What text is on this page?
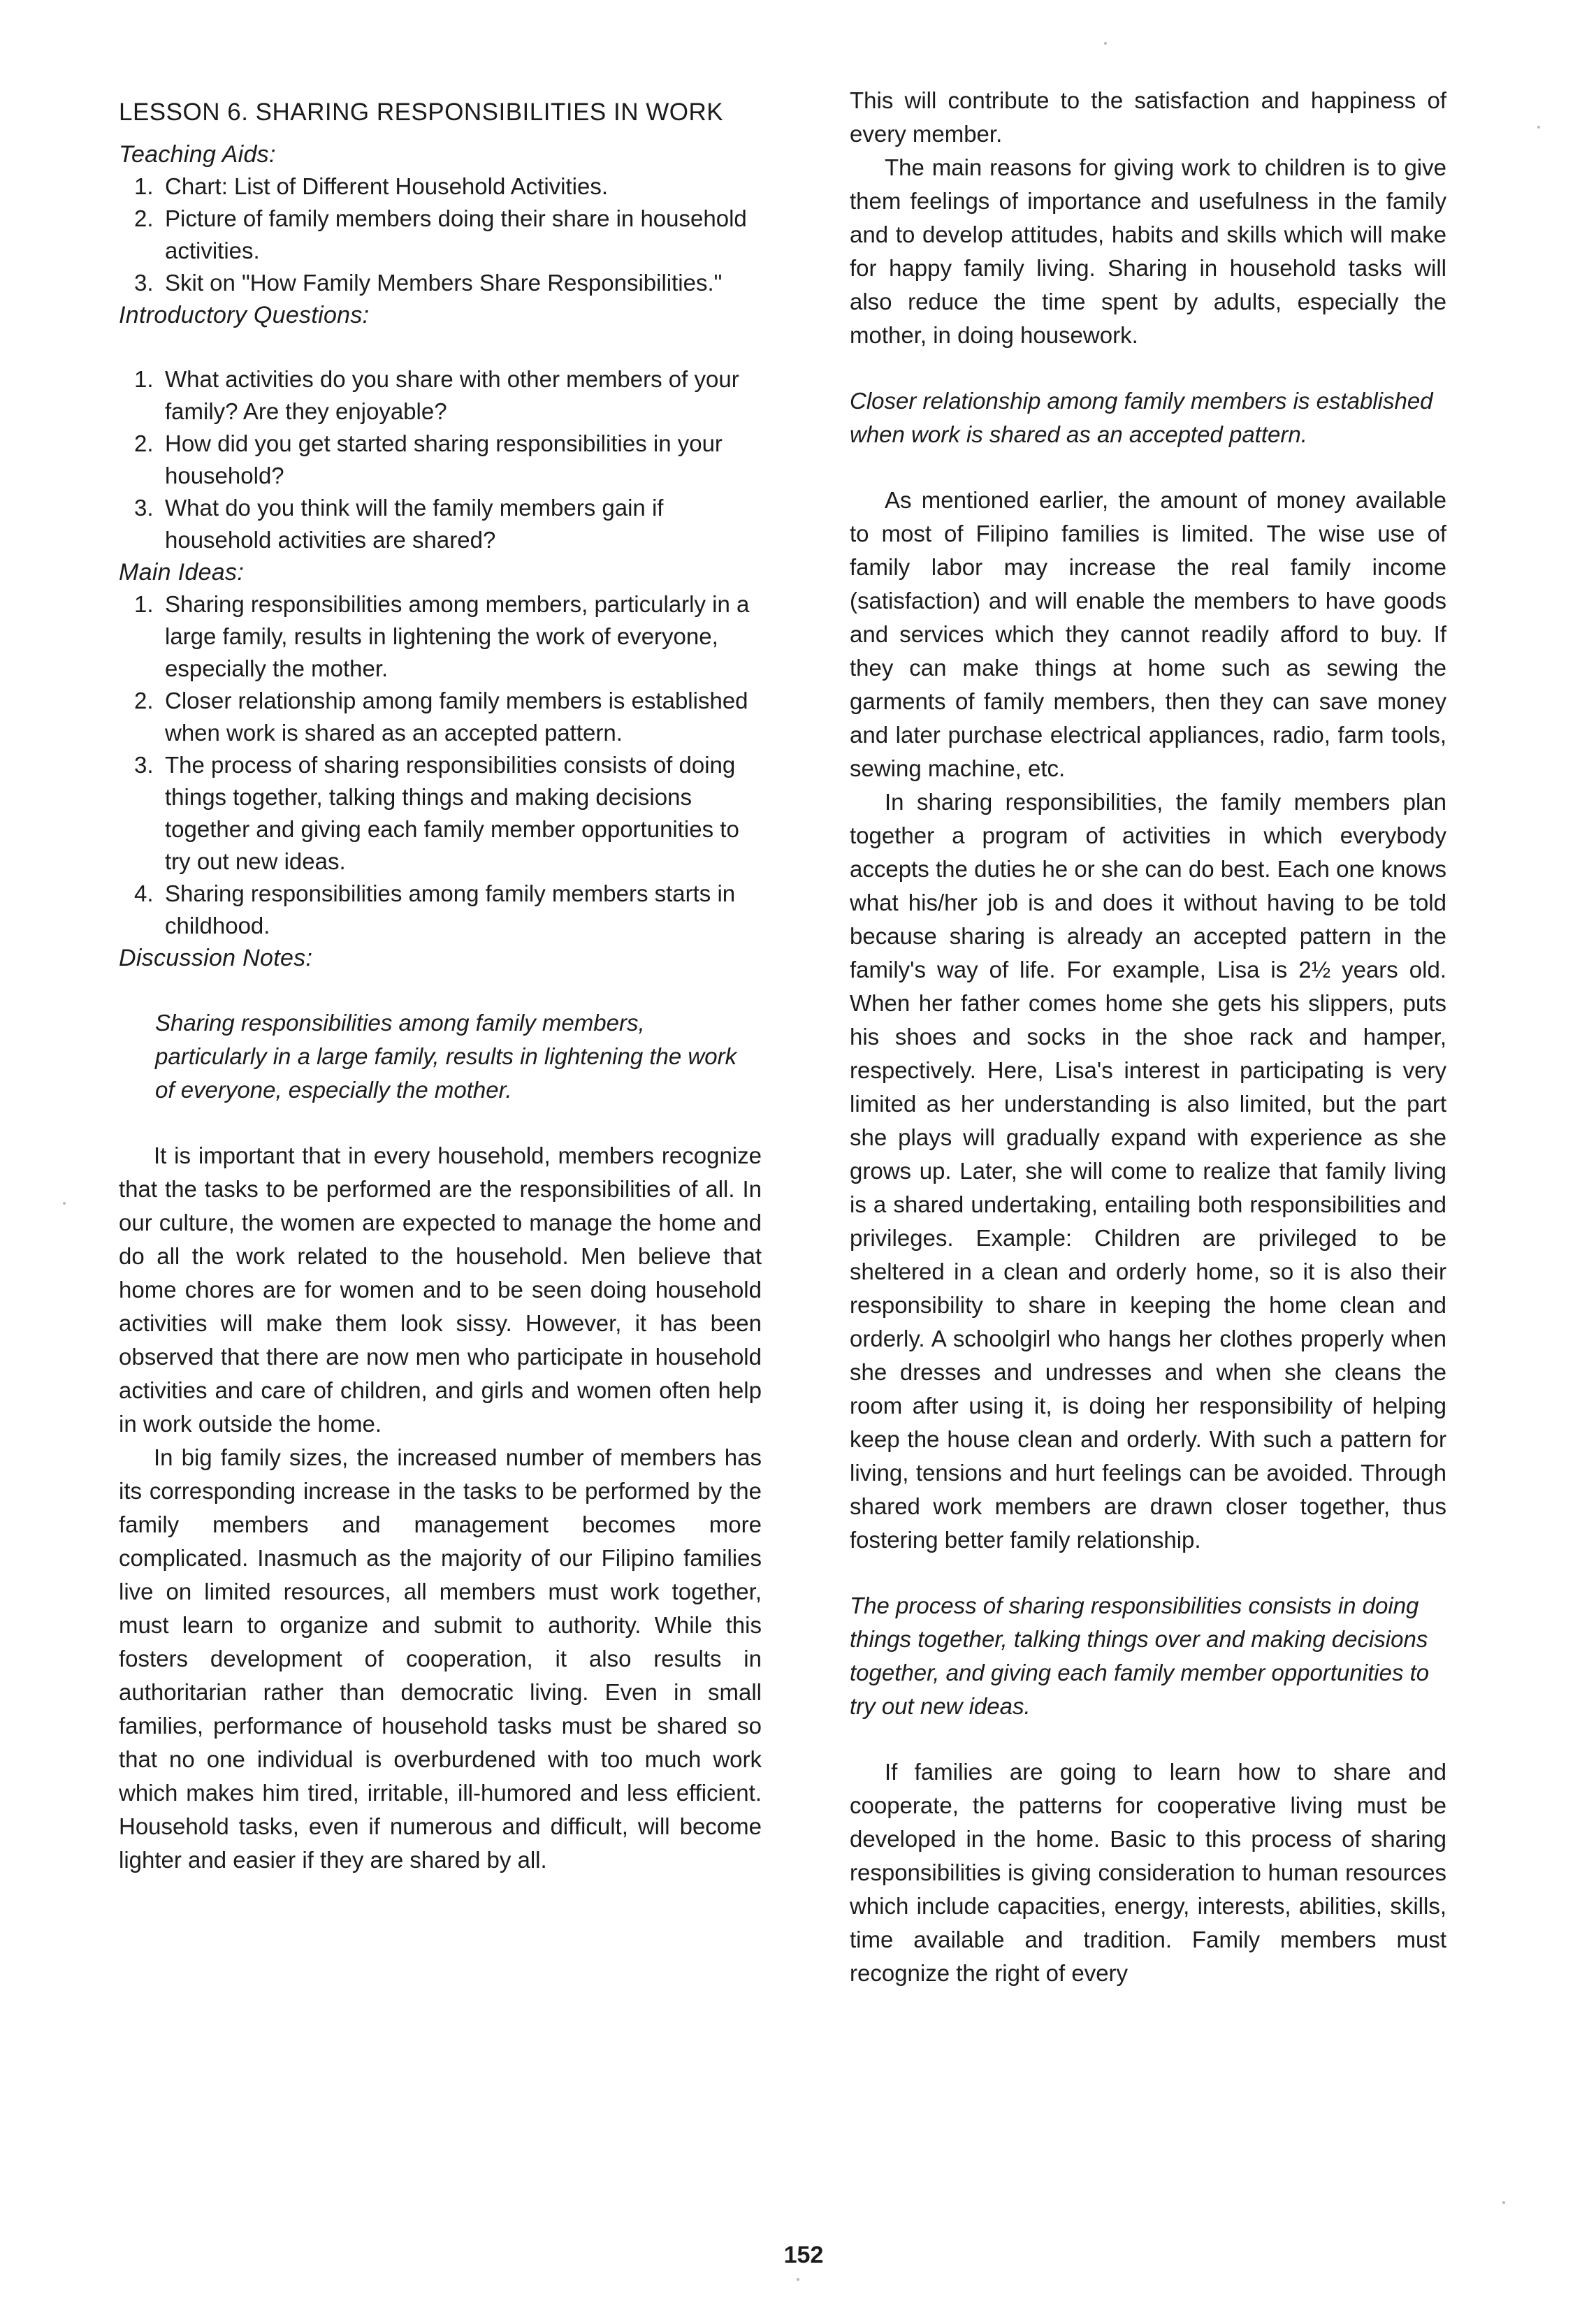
LESSON 6. SHARING RESPONSIBILITIES IN WORK
Teaching Aids:
1. Chart: List of Different Household Activities.
2. Picture of family members doing their share in household activities.
3. Skit on "How Family Members Share Responsibilities."
Introductory Questions:
1. What activities do you share with other members of your family? Are they enjoyable?
2. How did you get started sharing responsibilities in your household?
3. What do you think will the family members gain if household activities are shared?
Main Ideas:
1. Sharing responsibilities among members, particularly in a large family, results in lightening the work of everyone, especially the mother.
2. Closer relationship among family members is established when work is shared as an accepted pattern.
3. The process of sharing responsibilities consists of doing things together, talking things and making decisions together and giving each family member opportunities to try out new ideas.
4. Sharing responsibilities among family members starts in childhood.
Discussion Notes:

Sharing responsibilities among family members, particularly in a large family, results in lightening the work of everyone, especially the mother.

It is important that in every household, members recognize that the tasks to be performed are the responsibilities of all. In our culture, the women are expected to manage the home and do all the work related to the household. Men believe that home chores are for women and to be seen doing household activities will make them look sissy. However, it has been observed that there are now men who participate in household activities and care of children, and girls and women often help in work outside the home.

In big family sizes, the increased number of members has its corresponding increase in the tasks to be performed by the family members and management becomes more complicated. Inasmuch as the majority of our Filipino families live on limited resources, all members must work together, must learn to organize and submit to authority. While this fosters development of cooperation, it also results in authoritarian rather than democratic living. Even in small families, performance of household tasks must be shared so that no one individual is overburdened with too much work which makes him tired, irritable, ill-humored and less efficient. Household tasks, even if numerous and difficult, will become lighter and easier if they are shared by all.

This will contribute to the satisfaction and happiness of every member.

The main reasons for giving work to children is to give them feelings of importance and usefulness in the family and to develop attitudes, habits and skills which will make for happy family living. Sharing in household tasks will also reduce the time spent by adults, especially the mother, in doing housework.

Closer relationship among family members is established when work is shared as an accepted pattern.

As mentioned earlier, the amount of money available to most of Filipino families is limited. The wise use of family labor may increase the real family income (satisfaction) and will enable the members to have goods and services which they cannot readily afford to buy. If they can make things at home such as sewing the garments of family members, then they can save money and later purchase electrical appliances, radio, farm tools, sewing machine, etc.

In sharing responsibilities, the family members plan together a program of activities in which everybody accepts the duties he or she can do best. Each one knows what his/her job is and does it without having to be told because sharing is already an accepted pattern in the family's way of life. For example, Lisa is 2½ years old. When her father comes home she gets his slippers, puts his shoes and socks in the shoe rack and hamper, respectively. Here, Lisa's interest in participating is very limited as her understanding is also limited, but the part she plays will gradually expand with experience as she grows up. Later, she will come to realize that family living is a shared undertaking, entailing both responsibilities and privileges. Example: Children are privileged to be sheltered in a clean and orderly home, so it is also their responsibility to share in keeping the home clean and orderly. A schoolgirl who hangs her clothes properly when she dresses and undresses and when she cleans the room after using it, is doing her responsibility of helping keep the house clean and orderly. With such a pattern for living, tensions and hurt feelings can be avoided. Through shared work members are drawn closer together, thus fostering better family relationship.

The process of sharing responsibilities consists in doing things together, talking things over and making decisions together, and giving each family member opportunities to try out new ideas.

If families are going to learn how to share and cooperate, the patterns for cooperative living must be developed in the home. Basic to this process of sharing responsibilities is giving consideration to human resources which include capacities, energy, interests, abilities, skills, time available and tradition. Family members must recognize the right of every

152
